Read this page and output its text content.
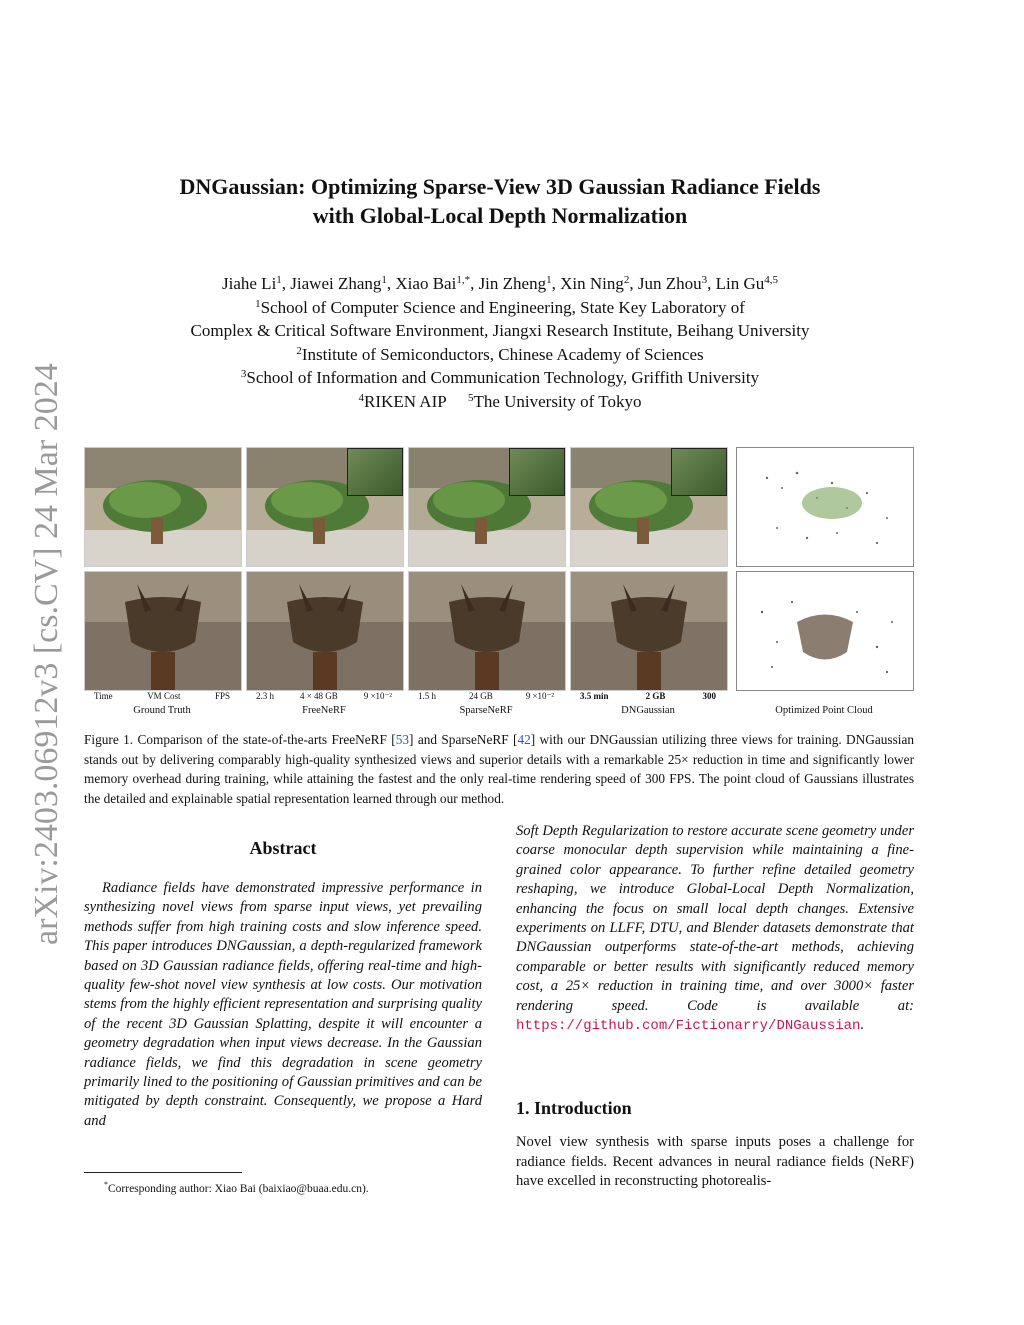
arXiv:2403.06912v3 [cs.CV] 24 Mar 2024
DNGaussian: Optimizing Sparse-View 3D Gaussian Radiance Fields
with Global-Local Depth Normalization
Jiahe Li$^1$, Jiawei Zhang$^1$, Xiao Bai$^{1,*}$, Jin Zheng$^1$, Xin Ning$^2$, Jun Zhou$^3$, Lin Gu$^{4,5}$
$^1$School of Computer Science and Engineering, State Key Laboratory of
Complex & Critical Software Environment, Jiangxi Research Institute, Beihang University
$^2$Institute of Semiconductors, Chinese Academy of Sciences
$^3$School of Information and Communication Technology, Griffith University
$^4$RIKEN AIP $^5$The University of Tokyo
Time	VM Cost	FPS	2.3 h	4 × 48 GB	9 ×10⁻²	1.5 h	24 GB	9 ×10⁻²	3.5 min	2 GB	300
Ground Truth	FreeNeRF	SparseNeRF	DNGaussian	Optimized Point Cloud
Figure 1. Comparison of the state-of-the-arts FreeNeRF [53] and SparseNeRF [42] with our DNGaussian utilizing three views for training. DNGaussian stands out by delivering comparably high-quality synthesized views and superior details with a remarkable 25× reduction in time and significantly lower memory overhead during training, while attaining the fastest and the only real-time rendering speed of 300 FPS. The point cloud of Gaussians illustrates the detailed and explainable spatial representation learned through our method.
Abstract

Radiance fields have demonstrated impressive performance in synthesizing novel views from sparse input views, yet prevailing methods suffer from high training costs and slow inference speed. This paper introduces DNGaussian, a depth-regularized framework based on 3D Gaussian radiance fields, offering real-time and high-quality few-shot novel view synthesis at low costs. Our motivation stems from the highly efficient representation and surprising quality of the recent 3D Gaussian Splatting, despite it will encounter a geometry degradation when input views decrease. In the Gaussian radiance fields, we find this degradation in scene geometry primarily lined to the positioning of Gaussian primitives and can be mitigated by depth constraint. Consequently, we propose a Hard and

*Corresponding author: Xiao Bai (baixiao@buaa.edu.cn).

Soft Depth Regularization to restore accurate scene geometry under coarse monocular depth supervision while maintaining a fine-grained color appearance. To further refine detailed geometry reshaping, we introduce Global-Local Depth Normalization, enhancing the focus on small local depth changes. Extensive experiments on LLFF, DTU, and Blender datasets demonstrate that DNGaussian outperforms state-of-the-art methods, achieving comparable or better results with significantly reduced memory cost, a 25× reduction in training time, and over 3000× faster rendering speed. Code is available at: https://github.com/Fictionarry/DNGaussian.

1. Introduction
Novel view synthesis with sparse inputs poses a challenge for radiance fields. Recent advances in neural radiance fields (NeRF) have excelled in reconstructing photorealis-
